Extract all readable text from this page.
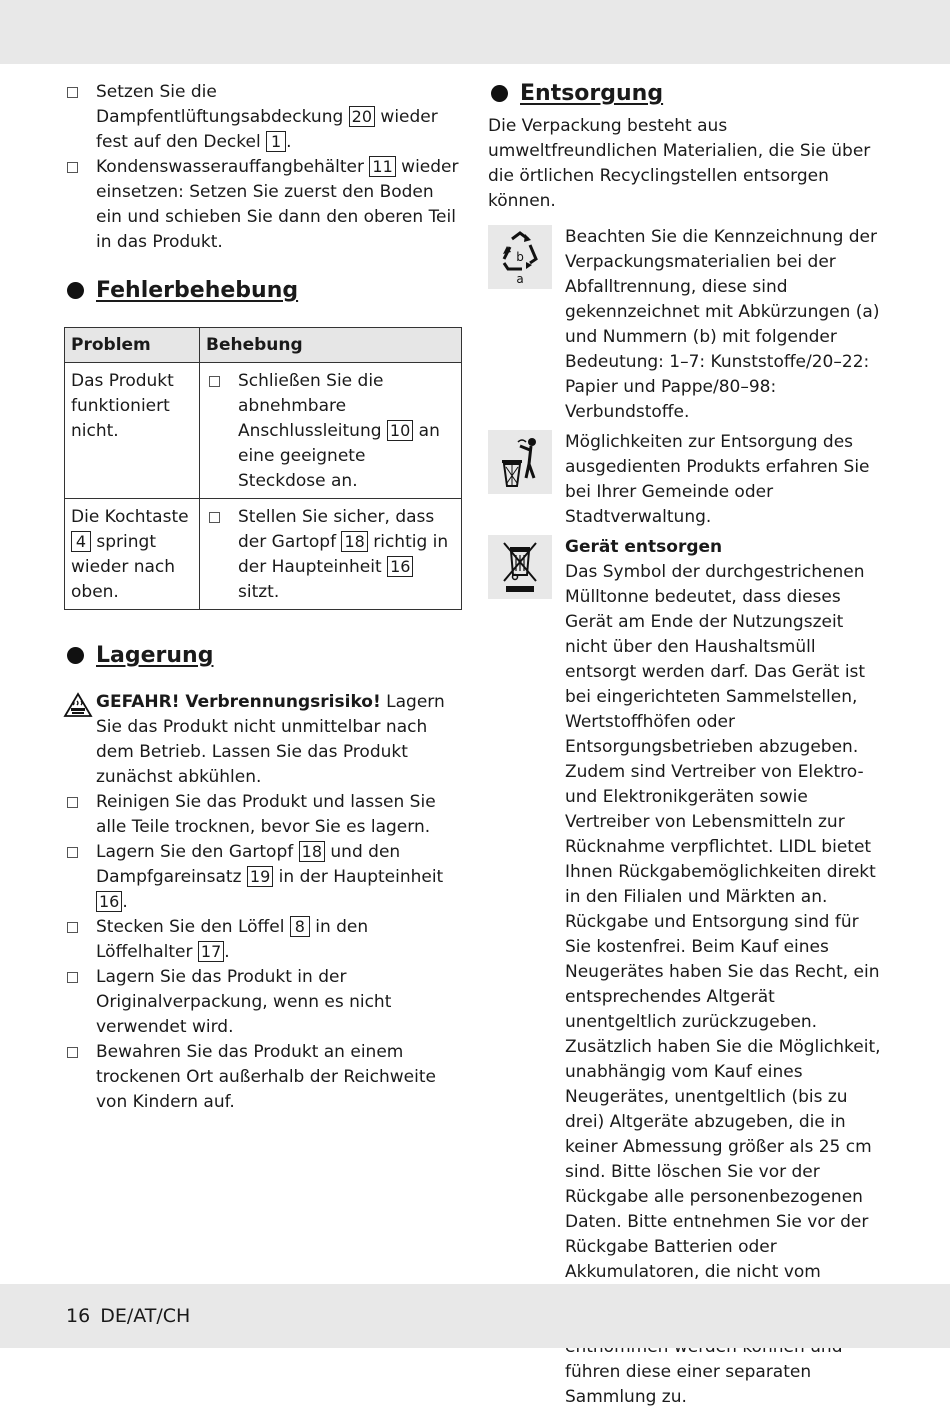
Setzen Sie die Dampfentlüftungsabdeckung 20 wieder fest auf den Deckel 1 .
Kondenswasserauffangbehälter 11 wieder einsetzen: Setzen Sie zuerst den Boden ein und schieben Sie dann den oberen Teil in das Produkt.
Fehlerbehebung
Problem	Behebung
Das Produkt funktioniert nicht.	Schließen Sie die abnehmbare Anschlussleitung 10 an eine geeignete Steckdose an.

Die Kochtaste 4 springt wieder nach oben.	Stellen Sie sicher, dass der Gartopf 18 richtig in der Haupteinheit 16 sitzt.
Lagerung
GEFAHR! Verbrennungsrisiko! Lagern Sie das Produkt nicht unmittelbar nach dem Betrieb. Lassen Sie das Produkt zunächst abkühlen.
Reinigen Sie das Produkt und lassen Sie alle Teile trocknen, bevor Sie es lagern.
Lagern Sie den Gartopf 18 und den Dampfgareinsatz 19 in der Haupteinheit 16 .
Stecken Sie den Löffel 8 in den Löffelhalter 17 .
Lagern Sie das Produkt in der Originalverpackung, wenn es nicht verwendet wird.
Bewahren Sie das Produkt an einem trockenen Ort außerhalb der Reichweite von Kindern auf.
Entsorgung

Die Verpackung besteht aus umweltfreundlichen Materialien, die Sie über die örtlichen Recyclingstellen entsorgen können.

b
a

Beachten Sie die Kennzeichnung der Verpackungsmaterialien bei der Abfalltrennung, diese sind gekennzeichnet mit Abkürzungen (a) und Nummern (b) mit folgender Bedeutung: 1–7: Kunststoffe/20–22: Papier und Pappe/80–98: Verbundstoffe.

Möglichkeiten zur Entsorgung des ausgedienten Produkts erfahren Sie bei Ihrer Gemeinde oder Stadtverwaltung.

Gerät entsorgen

Das Symbol der durchgestrichenen Mülltonne bedeutet, dass dieses Gerät am Ende der Nutzungszeit nicht über den Haushaltsmüll entsorgt werden darf. Das Gerät ist bei eingerichteten Sammelstellen, Wertstoffhöfen oder Entsorgungsbetrieben abzugeben. Zudem sind Vertreiber von Elektro- und Elektronikgeräten sowie Vertreiber von Lebensmitteln zur Rücknahme verpflichtet. LIDL bietet Ihnen Rückgabemöglichkeiten direkt in den Filialen und Märkten an. Rückgabe und Entsorgung sind für Sie kostenfrei. Beim Kauf eines Neugerätes haben Sie das Recht, ein entsprechendes Altgerät unentgeltlich zurückzugeben. Zusätzlich haben Sie die Möglichkeit, unabhängig vom Kauf eines Neugerätes, unentgeltlich (bis zu drei) Altgeräte abzugeben, die in keiner Abmessung größer als 25 cm sind. Bitte löschen Sie vor der Rückgabe alle personenbezogenen Daten. Bitte entnehmen Sie vor der Rückgabe Batterien oder Akkumulatoren, die nicht vom führen diese einer separaten Sammlung zu.

16 DE/AT/CH
